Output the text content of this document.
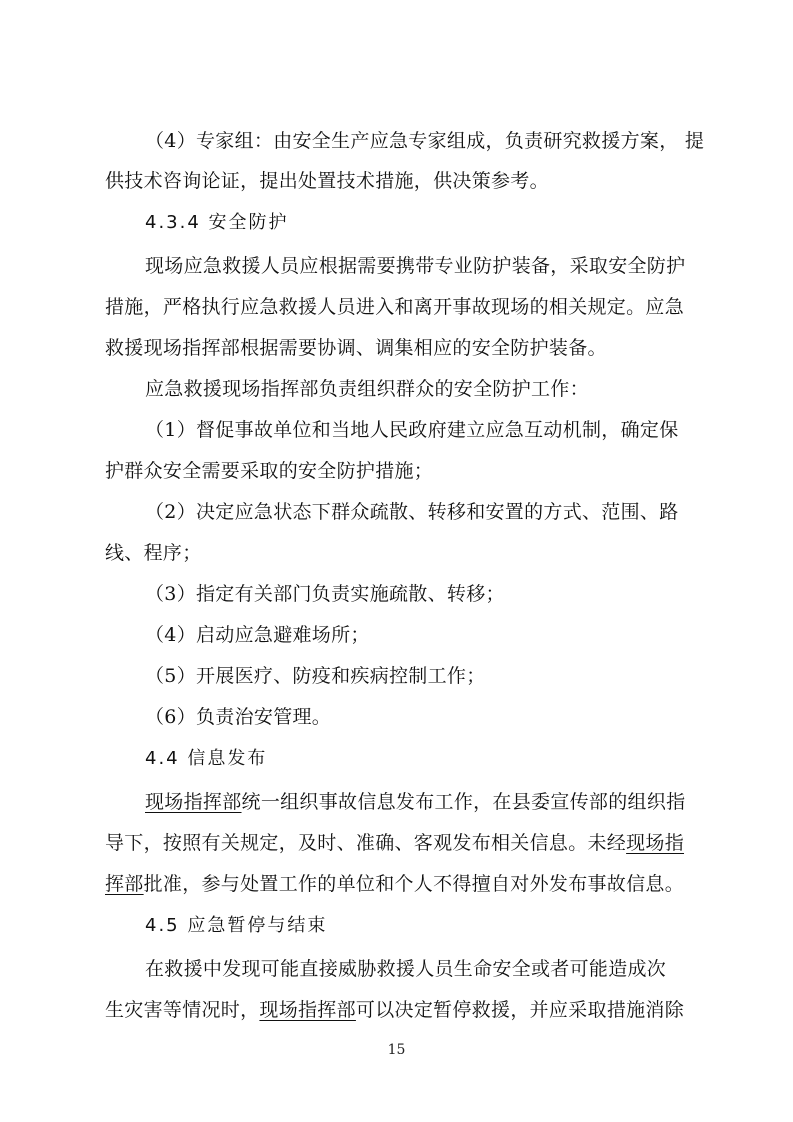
（4）专家组：由安全生产应急专家组成，负责研究救援方案， 提
供技术咨询论证，提出处置技术措施，供决策参考。
4.3.4 安全防护
现场应急救援人员应根据需要携带专业防护装备，采取安全防护
措施，严格执行应急救援人员进入和离开事故现场的相关规定。应急
救援现场指挥部根据需要协调、调集相应的安全防护装备。
应急救援现场指挥部负责组织群众的安全防护工作：
（1）督促事故单位和当地人民政府建立应急互动机制，确定保
护群众安全需要采取的安全防护措施；
（2）决定应急状态下群众疏散、转移和安置的方式、范围、路
线、程序；
（3）指定有关部门负责实施疏散、转移；
（4）启动应急避难场所；
（5）开展医疗、防疫和疾病控制工作；
（6）负责治安管理。
4.4 信息发布
现场指挥部统一组织事故信息发布工作，在县委宣传部的组织指
导下，按照有关规定，及时、准确、客观发布相关信息。未经现场指
挥部批准，参与处置工作的单位和个人不得擅自对外发布事故信息。
4.5 应急暂停与结束
在救援中发现可能直接威胁救援人员生命安全或者可能造成次
生灾害等情况时，现场指挥部可以决定暂停救援，并应采取措施消除
15
